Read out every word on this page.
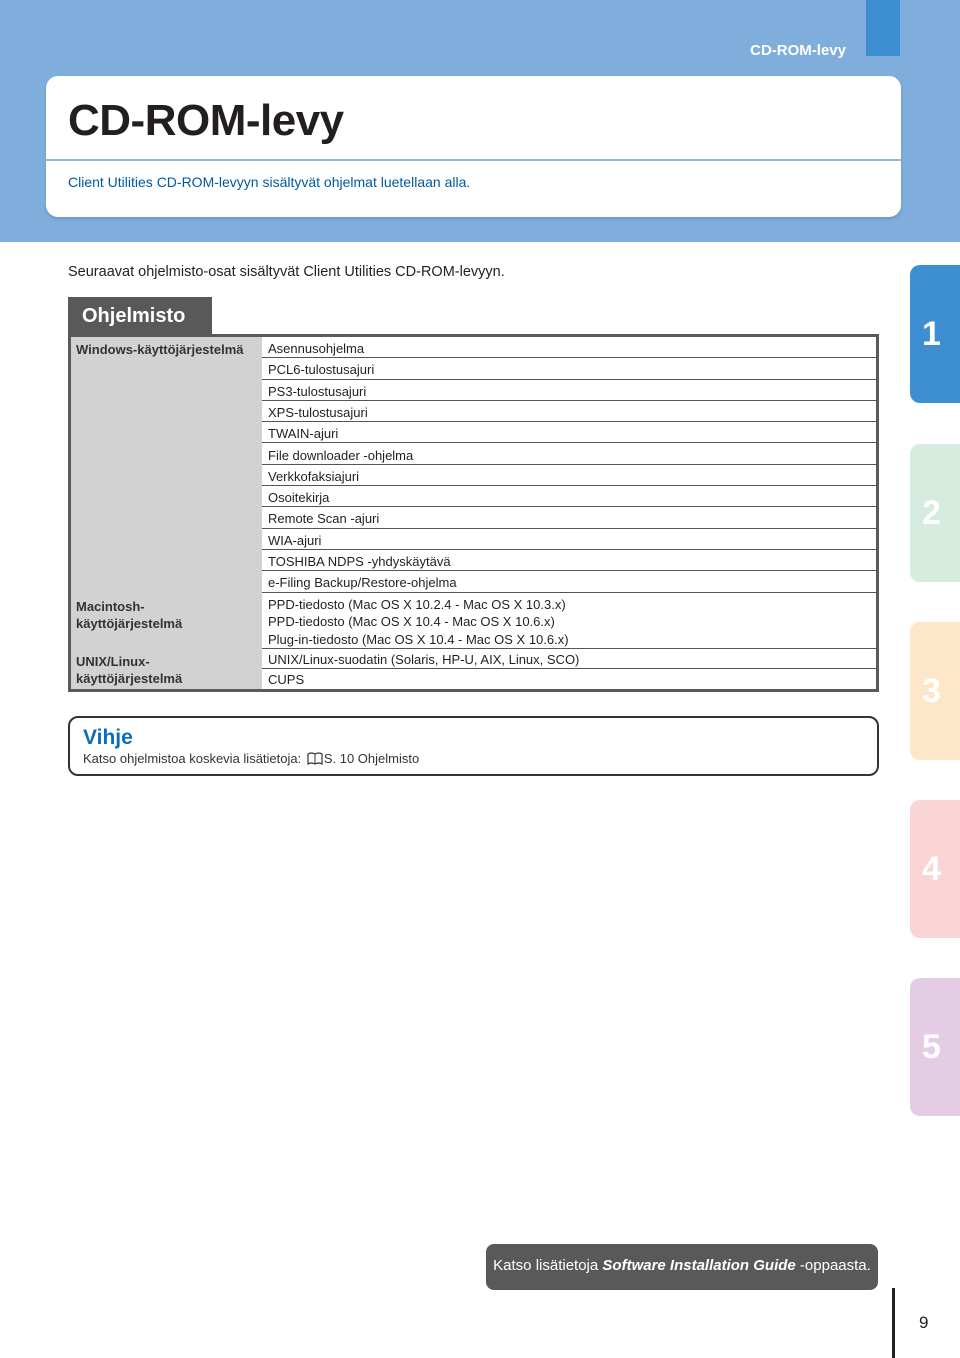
CD-ROM-levy
CD-ROM-levy
Client Utilities CD-ROM-levyyn sisältyvät ohjelmat luetellaan alla.
Seuraavat ohjelmisto-osat sisältyvät Client Utilities CD-ROM-levyyn.
Ohjelmisto
Windows-käyttöjärjestelmä
Macintosh-
käyttöjärjestelmä
UNIX/Linux-
käyttöjärjestelmä
Asennusohjelma
PCL6-tulostusajuri
PS3-tulostusajuri
XPS-tulostusajuri
TWAIN-ajuri
File downloader -ohjelma
Verkkofaksiajuri
Osoitekirja
Remote Scan -ajuri
WIA-ajuri
TOSHIBA NDPS -yhdyskäytävä
e-Filing Backup/Restore-ohjelma
PPD-tiedosto (Mac OS X 10.2.4 - Mac OS X 10.3.x)
PPD-tiedosto (Mac OS X 10.4 - Mac OS X 10.6.x)
Plug-in-tiedosto (Mac OS X 10.4 - Mac OS X 10.6.x)
UNIX/Linux-suodatin (Solaris, HP-U, AIX, Linux, SCO)
CUPS
Vihje
Katso ohjelmistoa koskevia lisätietoja: S. 10 Ohjelmisto
1
2
3
4
5
Katso lisätietoja Software Installation Guide -oppaasta.
9
